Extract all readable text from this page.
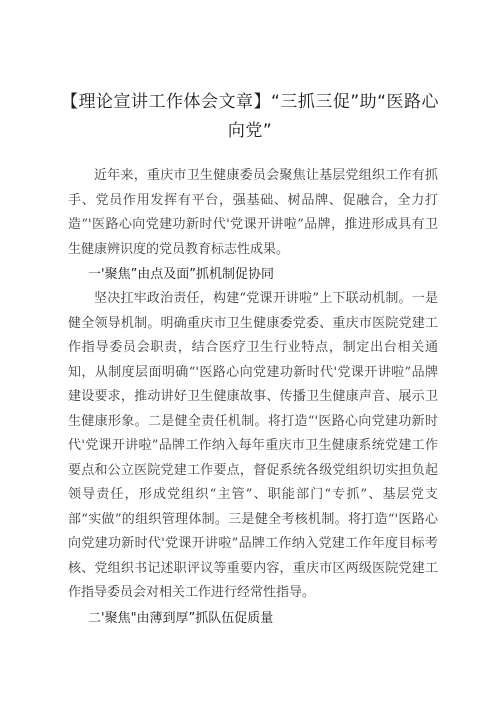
【理论宣讲工作体会文章】“三抓三促”助“医路心向党”

近年来，重庆市卫生健康委员会聚焦让基层党组织工作有抓手、党员作用发挥有平台，强基础、树品牌、促融合，全力打造“'医路心向党建功新时代'党课开讲啦”品牌，推进形成具有卫生健康辨识度的党员教育标志性成果。

一'聚焦”由点及面”抓机制促协同

坚决扛牢政治责任，构建“党课开讲啦”上下联动机制。一是健全领导机制。明确重庆市卫生健康委党委、重庆市医院党建工作指导委员会职责，结合医疗卫生行业特点，制定出台相关通知，从制度层面明确“'医路心向党建功新时代'党课开讲啦”品牌建设要求，推动讲好卫生健康故事、传播卫生健康声音、展示卫生健康形象。二是健全责任机制。将打造“'医路心向党建功新时代'党课开讲啦”品牌工作纳入每年重庆市卫生健康系统党建工作要点和公立医院党建工作要点，督促系统各级党组织切实担负起领导责任，形成党组织“主管”、职能部门“专抓”、基层党支部“实做”的组织管理体制。三是健全考核机制。将打造“'医路心向党建功新时代'党课开讲啦”品牌工作纳入党建工作年度目标考核、党组织书记述职评议等重要内容，重庆市区两级医院党建工作指导委员会对相关工作进行经常性指导。

二'聚焦"由薄到厚”抓队伍促质量
